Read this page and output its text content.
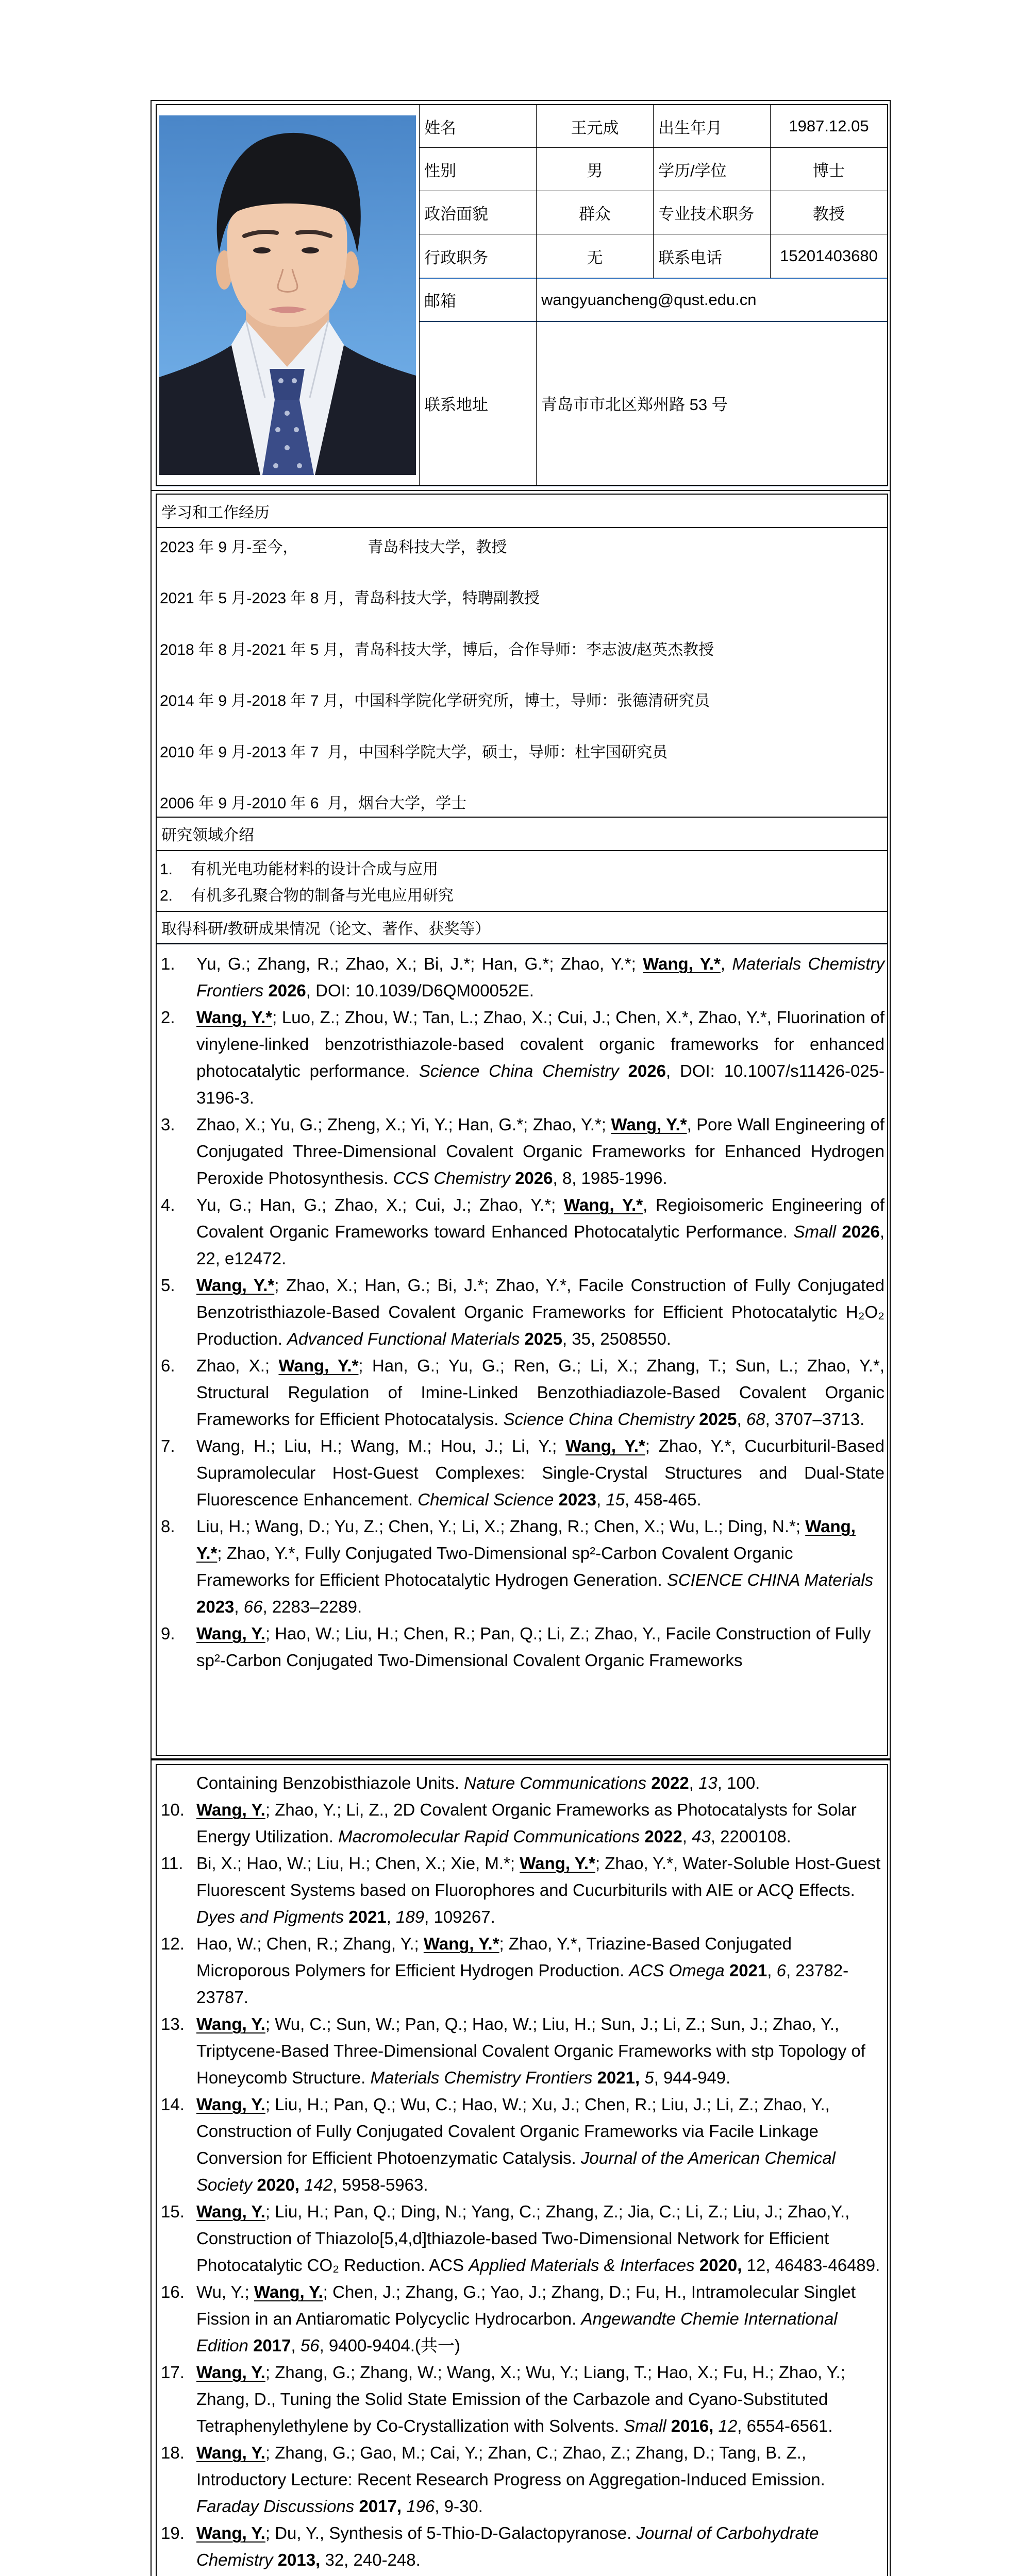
姓名	王元成	出生年月	1987.12.05
性别	男	学历/学位	博士
政治面貌	群众	专业技术职务	教授
行政职务	无	联系电话	15201403680
邮箱	wangyuancheng@qust.edu.cn
联系地址	青岛市市北区郑州路 53 号
学习和工作经历
2023 年 9 月-至今，　　　　　青岛科技大学，教授
2021 年 5 月-2023 年 8 月，青岛科技大学，特聘副教授
2018 年 8 月-2021 年 5 月，青岛科技大学，博后，合作导师：李志波/赵英杰教授
2014 年 9 月-2018 年 7 月，中国科学院化学研究所，博士，导师：张德清研究员
2010 年 9 月-2013 年 7  月，中国科学院大学，硕士，导师：杜宇国研究员
2006 年 9 月-2010 年 6  月，烟台大学，学士
研究领域介绍
1.	有机光电功能材料的设计合成与应用
2.	有机多孔聚合物的制备与光电应用研究
取得科研/教研成果情况（论文、著作、获奖等）
1.	Yu, G.; Zhang, R.; Zhao, X.; Bi, J.*; Han, G.*; Zhao, Y.*; Wang, Y.*, Materials Chemistry Frontiers 2026, DOI: 10.1039/D6QM00052E.
2.	Wang, Y.*; Luo, Z.; Zhou, W.; Tan, L.; Zhao, X.; Cui, J.; Chen, X.*, Zhao, Y.*, Fluorination of vinylene-linked benzotristhiazole-based covalent organic frameworks for enhanced photocatalytic performance. Science China Chemistry 2026, DOI: 10.1007/s11426-025-3196-3.
3.	Zhao, X.; Yu, G.; Zheng, X.; Yi, Y.; Han, G.*; Zhao, Y.*; Wang, Y.*, Pore Wall Engineering of Conjugated Three-Dimensional Covalent Organic Frameworks for Enhanced Hydrogen Peroxide Photosynthesis. CCS Chemistry 2026, 8, 1985-1996.
4.	Yu, G.; Han, G.; Zhao, X.; Cui, J.; Zhao, Y.*; Wang, Y.*, Regioisomeric Engineering of Covalent Organic Frameworks toward Enhanced Photocatalytic Performance. Small 2026, 22, e12472.
5.	Wang, Y.*; Zhao, X.; Han, G.; Bi, J.*; Zhao, Y.*, Facile Construction of Fully Conjugated Benzotristhiazole-Based Covalent Organic Frameworks for Efficient Photocatalytic H₂O₂ Production. Advanced Functional Materials 2025, 35, 2508550.
6.	Zhao, X.; Wang, Y.*; Han, G.; Yu, G.; Ren, G.; Li, X.; Zhang, T.; Sun, L.; Zhao, Y.*, Structural Regulation of Imine-Linked Benzothiadiazole-Based Covalent Organic Frameworks for Efficient Photocatalysis. Science China Chemistry 2025, 68, 3707–3713.
7.	Wang, H.; Liu, H.; Wang, M.; Hou, J.; Li, Y.; Wang, Y.*; Zhao, Y.*, Cucurbituril-Based Supramolecular Host-Guest Complexes: Single-Crystal Structures and Dual-State Fluorescence Enhancement. Chemical Science 2023, 15, 458-465.
8.	Liu, H.; Wang, D.; Yu, Z.; Chen, Y.; Li, X.; Zhang, R.; Chen, X.; Wu, L.; Ding, N.*; Wang, Y.*; Zhao, Y.*, Fully Conjugated Two-Dimensional sp²-Carbon Covalent Organic Frameworks for Efficient Photocatalytic Hydrogen Generation. SCIENCE CHINA Materials 2023, 66, 2283–2289.
9.	Wang, Y.; Hao, W.; Liu, H.; Chen, R.; Pan, Q.; Li, Z.; Zhao, Y., Facile Construction of Fully sp²-Carbon Conjugated Two-Dimensional Covalent Organic Frameworks
Containing Benzobisthiazole Units. Nature Communications 2022, 13, 100.
10. Wang, Y.; Zhao, Y.; Li, Z., 2D Covalent Organic Frameworks as Photocatalysts for Solar Energy Utilization. Macromolecular Rapid Communications 2022, 43, 2200108.
11. Bi, X.; Hao, W.; Liu, H.; Chen, X.; Xie, M.*; Wang, Y.*; Zhao, Y.*, Water-Soluble Host-Guest Fluorescent Systems based on Fluorophores and Cucurbiturils with AIE or ACQ Effects. Dyes and Pigments 2021, 189, 109267.
12. Hao, W.; Chen, R.; Zhang, Y.; Wang, Y.*; Zhao, Y.*, Triazine-Based Conjugated Microporous Polymers for Efficient Hydrogen Production. ACS Omega 2021, 6, 23782-23787.
13. Wang, Y.; Wu, C.; Sun, W.; Pan, Q.; Hao, W.; Liu, H.; Sun, J.; Li, Z.; Sun, J.; Zhao, Y., Triptycene-Based Three-Dimensional Covalent Organic Frameworks with stp Topology of Honeycomb Structure. Materials Chemistry Frontiers 2021, 5, 944-949.
14. Wang, Y.; Liu, H.; Pan, Q.; Wu, C.; Hao, W.; Xu, J.; Chen, R.; Liu, J.; Li, Z.; Zhao, Y., Construction of Fully Conjugated Covalent Organic Frameworks via Facile Linkage Conversion for Efficient Photoenzymatic Catalysis. Journal of the American Chemical Society 2020, 142, 5958-5963.
15. Wang, Y.; Liu, H.; Pan, Q.; Ding, N.; Yang, C.; Zhang, Z.; Jia, C.; Li, Z.; Liu, J.; Zhao,Y., Construction of Thiazolo[5,4,d]thiazole-based Two-Dimensional Network for Efficient Photocatalytic CO₂ Reduction. ACS Applied Materials & Interfaces 2020, 12, 46483-46489.
16. Wu, Y.; Wang, Y.; Chen, J.; Zhang, G.; Yao, J.; Zhang, D.; Fu, H., Intramolecular Singlet Fission in an Antiaromatic Polycyclic Hydrocarbon. Angewandte Chemie International Edition 2017, 56, 9400-9404.(共一)
17. Wang, Y.; Zhang, G.; Zhang, W.; Wang, X.; Wu, Y.; Liang, T.; Hao, X.; Fu, H.; Zhao, Y.; Zhang, D., Tuning the Solid State Emission of the Carbazole and Cyano-Substituted Tetraphenylethylene by Co-Crystallization with Solvents. Small 2016, 12, 6554-6561.
18. Wang, Y.; Zhang, G.; Gao, M.; Cai, Y.; Zhan, C.; Zhao, Z.; Zhang, D.; Tang, B. Z., Introductory Lecture: Recent Research Progress on Aggregation-Induced Emission. Faraday Discussions 2017, 196, 9-30.
19. Wang, Y.; Du, Y., Synthesis of 5-Thio-D-Galactopyranose. Journal of Carbohydrate Chemistry 2013, 32, 240-248.
